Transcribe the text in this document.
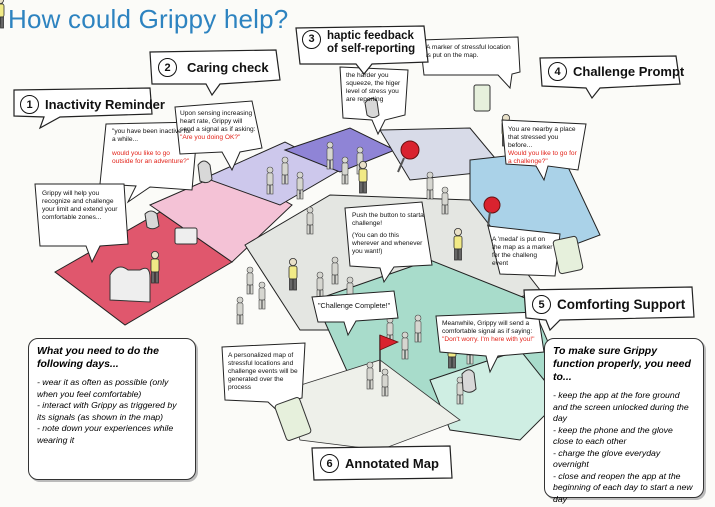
How could Grippy help?
1 Inactivity Reminder
2	Caring check
3	haptic feedback of self-reporting
4 Challenge Prompt
5 Comforting Support
6 Annotated Map
"you have been inactive for a while...
would you like to go outside for an adventure?"
Grippy will help you recognize and challenge your limit and extend your comfortable zones...
Upon sensing increasing heart rate, Grippy will send a signal as if asking:
"Are you doing OK?"
the harder you squeeze, the higer level of stress you are reporting
A marker of stressful location is put on the map.
You are nearby a place that stressed you before...
Would you like to go for a challenge?"
Push the button to starta challenge!
(You can do this wherever and whenever you want!)
A 'medal' is put on the map as a marker for the challeng event
"Challenge Complete!"
Meanwhile, Grippy will send a comfortable signal as if saying:
"Don't worry. I'm here with you!"
A personalized map of stressful locations and challenge events will be generated over the process
What you need to do the following days...

- wear it as often as possible (only when you feel comfortable)

- interact with Grippy as triggered by its signals (as shown in the map)

- note down your experiences while wearing it

To make sure Grippy function properly, you need to...

- keep the app at the fore ground and the screen unlocked during the day

- keep the phone and the glove close to each other

- charge the glove everyday overnight

- close and reopen the app at the beginning of each day to start a new day
